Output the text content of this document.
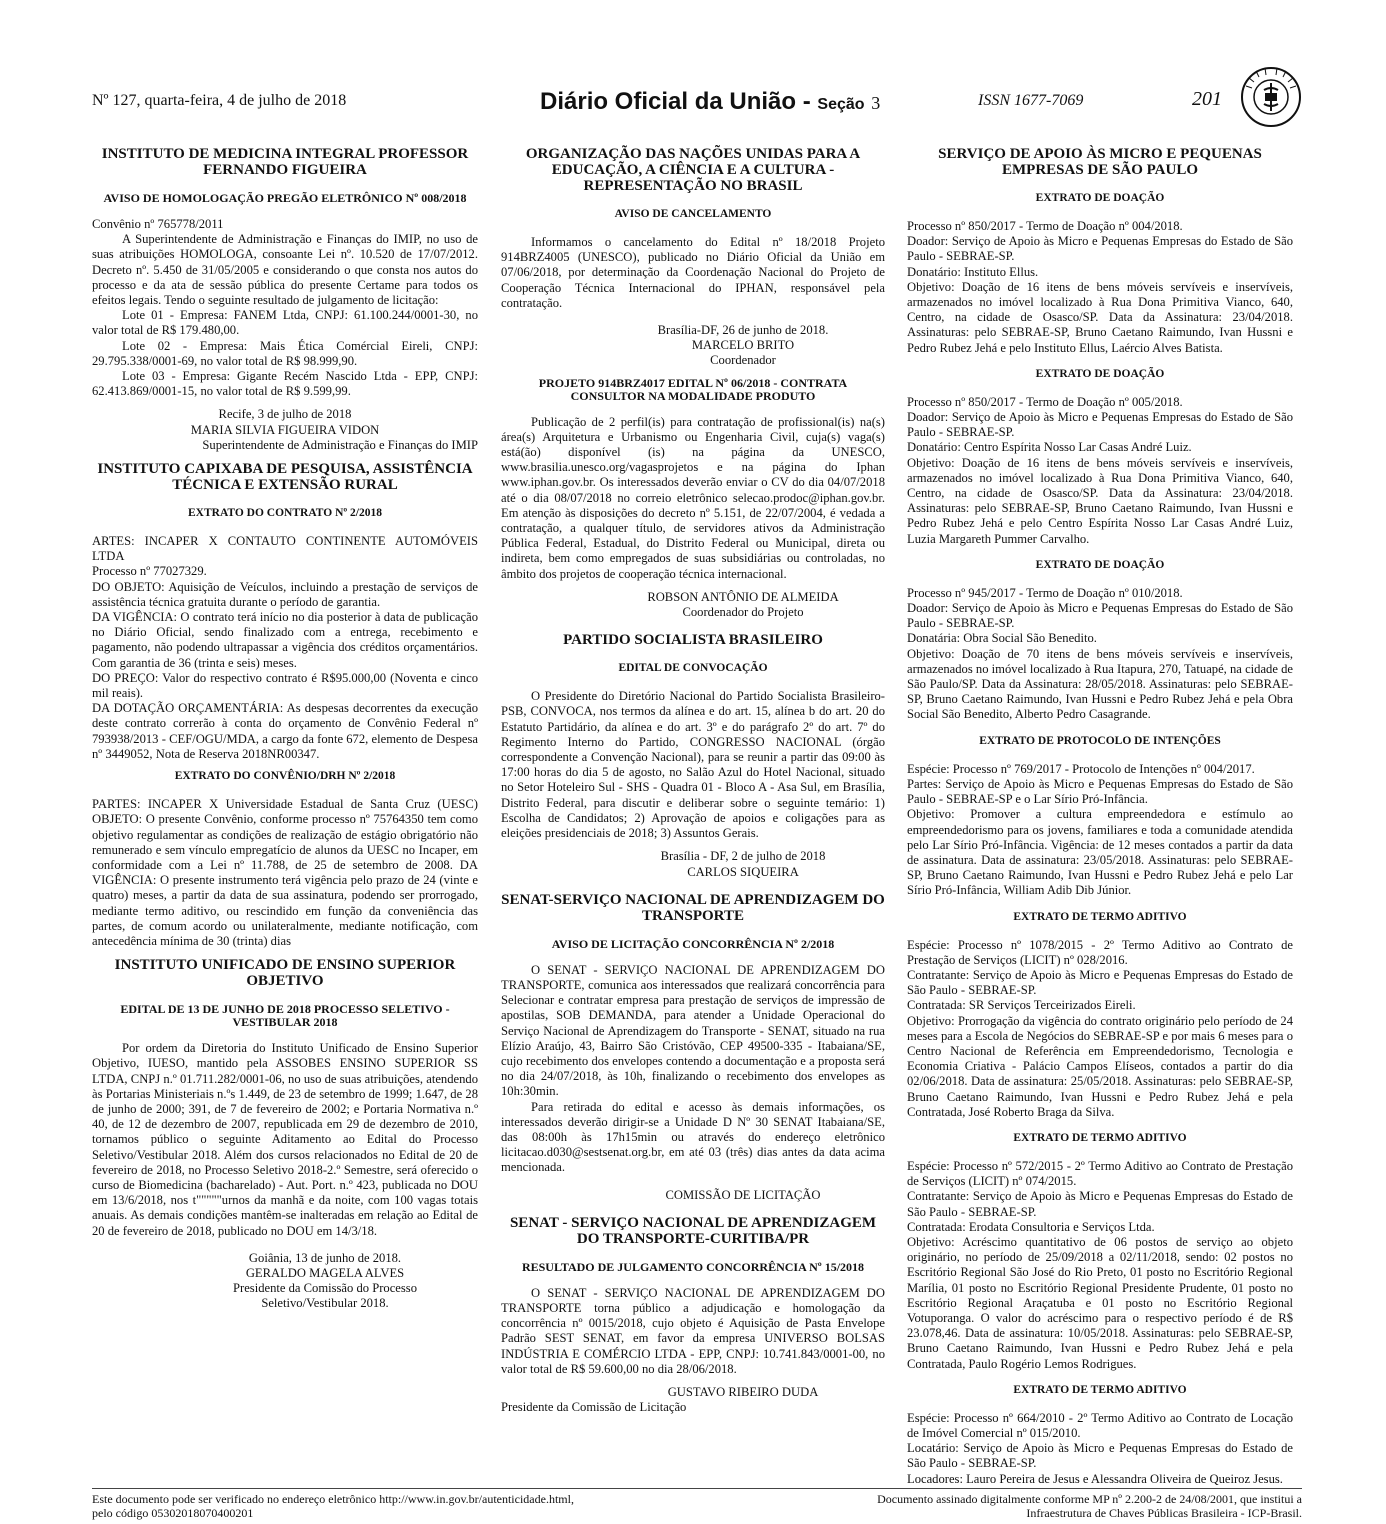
Nº 127, quarta-feira, 4 de julho de 2018	Diário Oficial da União - Seção 3	ISSN 1677-7069	201
INSTITUTO DE MEDICINA INTEGRAL PROFESSOR FERNANDO FIGUEIRA
AVISO DE HOMOLOGAÇÃO PREGÃO ELETRÔNICO Nº 008/2018

Convênio nº 765778/2011

A Superintendente de Administração e Finanças do IMIP, no uso de suas atribuições HOMOLOGA, consoante Lei nº. 10.520 de 17/07/2012. Decreto nº. 5.450 de 31/05/2005 e considerando o que consta nos autos do processo e da ata de sessão pública do presente Certame para todos os efeitos legais. Tendo o seguinte resultado de julgamento de licitação:

Lote 01 - Empresa: FANEM Ltda, CNPJ: 61.100.244/0001-30, no valor total de R$ 179.480,00.

Lote 02 - Empresa: Mais Ética Comércial Eireli, CNPJ: 29.795.338/0001-69, no valor total de R$ 98.999,90.

Lote 03 - Empresa: Gigante Recém Nascido Ltda - EPP, CNPJ: 62.413.869/0001-15, no valor total de R$ 9.599,99.

Recife, 3 de julho de 2018

MARIA SILVIA FIGUEIRA VIDON

Superintendente de Administração e Finanças do IMIP

INSTITUTO CAPIXABA DE PESQUISA, ASSISTÊNCIA TÉCNICA E EXTENSÃO RURAL
EXTRATO DO CONTRATO Nº 2/2018

ARTES: INCAPER X CONTAUTO CONTINENTE AUTOMÓVEIS LTDA

Processo nº 77027329.

DO OBJETO: Aquisição de Veículos, incluindo a prestação de serviços de assistência técnica gratuita durante o período de garantia.

DA VIGÊNCIA: O contrato terá início no dia posterior à data de publicação no Diário Oficial, sendo finalizado com a entrega, recebimento e pagamento, não podendo ultrapassar a vigência dos créditos orçamentários. Com garantia de 36 (trinta e seis) meses.

DO PREÇO: Valor do respectivo contrato é R$95.000,00 (Noventa e cinco mil reais).

DA DOTAÇÃO ORÇAMENTÁRIA: As despesas decorrentes da execução deste contrato correrão à conta do orçamento de Convênio Federal nº 793938/2013 - CEF/OGU/MDA, a cargo da fonte 672, elemento de Despesa nº 3449052, Nota de Reserva 2018NR00347.

EXTRATO DO CONVÊNIO/DRH Nº 2/2018

PARTES: INCAPER X Universidade Estadual de Santa Cruz (UESC) OBJETO: O presente Convênio, conforme processo nº 75764350 tem como objetivo regulamentar as condições de realização de estágio obrigatório não remunerado e sem vínculo empregatício de alunos da UESC no Incaper, em conformidade com a Lei nº 11.788, de 25 de setembro de 2008. DA VIGÊNCIA: O presente instrumento terá vigência pelo prazo de 24 (vinte e quatro) meses, a partir da data de sua assinatura, podendo ser prorrogado, mediante termo aditivo, ou rescindido em função da conveniência das partes, de comum acordo ou unilateralmente, mediante notificação, com antecedência mínima de 30 (trinta) dias

INSTITUTO UNIFICADO DE ENSINO SUPERIOR OBJETIVO
EDITAL DE 13 DE JUNHO DE 2018 PROCESSO SELETIVO - VESTIBULAR 2018

Por ordem da Diretoria do Instituto Unificado de Ensino Superior Objetivo, IUESO, mantido pela ASSOBES ENSINO SUPERIOR SS LTDA, CNPJ n.º 01.711.282/0001-06, no uso de suas atribuições, atendendo às Portarias Ministeriais n.ºs 1.449, de 23 de setembro de 1999; 1.647, de 28 de junho de 2000; 391, de 7 de fevereiro de 2002; e Portaria Normativa n.º 40, de 12 de dezembro de 2007, republicada em 29 de dezembro de 2010, tornamos público o seguinte Aditamento ao Edital do Processo Seletivo/Vestibular 2018. Além dos cursos relacionados no Edital de 20 de fevereiro de 2018, no Processo Seletivo 2018-2.º Semestre, será oferecido o curso de Biomedicina (bacharelado) - Aut. Port. n.º 423, publicada no DOU em 13/6/2018, nos t"""""urnos da manhã e da noite, com 100 vagas totais anuais. As demais condições mantêm-se inalteradas em relação ao Edital de 20 de fevereiro de 2018, publicado no DOU em 14/3/18.

Goiânia, 13 de junho de 2018.

GERALDO MAGELA ALVES

Presidente da Comissão do Processo

Seletivo/Vestibular 2018.

ORGANIZAÇÃO DAS NAÇÕES UNIDAS PARA A EDUCAÇÃO, A CIÊNCIA E A CULTURA - REPRESENTAÇÃO NO BRASIL
AVISO DE CANCELAMENTO

Informamos o cancelamento do Edital nº 18/2018 Projeto 914BRZ4005 (UNESCO), publicado no Diário Oficial da União em 07/06/2018, por determinação da Coordenação Nacional do Projeto de Cooperação Técnica Internacional do IPHAN, responsável pela contratação.

Brasília-DF, 26 de junho de 2018.

MARCELO BRITO

Coordenador

PROJETO 914BRZ4017 EDITAL Nº 06/2018 - CONTRATA CONSULTOR NA MODALIDADE PRODUTO

Publicação de 2 perfil(is) para contratação de profissional(is) na(s) área(s) Arquitetura e Urbanismo ou Engenharia Civil, cuja(s) vaga(s) está(ão) disponível (is) na página da UNESCO, www.brasilia.unesco.org/vagasprojetos e na página do Iphan www.iphan.gov.br. Os interessados deverão enviar o CV do dia 04/07/2018 até o dia 08/07/2018 no correio eletrônico selecao.prodoc@iphan.gov.br. Em atenção às disposições do decreto nº 5.151, de 22/07/2004, é vedada a contratação, a qualquer título, de servidores ativos da Administração Pública Federal, Estadual, do Distrito Federal ou Municipal, direta ou indireta, bem como empregados de suas subsidiárias ou controladas, no âmbito dos projetos de cooperação técnica internacional.

ROBSON ANTÔNIO DE ALMEIDA

Coordenador do Projeto

PARTIDO SOCIALISTA BRASILEIRO
EDITAL DE CONVOCAÇÃO

O Presidente do Diretório Nacional do Partido Socialista Brasileiro-PSB, CONVOCA, nos termos da alínea e do art. 15, alínea b do art. 20 do Estatuto Partidário, da alínea e do art. 3º e do parágrafo 2º do art. 7º do Regimento Interno do Partido, CONGRESSO NACIONAL (órgão correspondente a Convenção Nacional), para se reunir a partir das 09:00 às 17:00 horas do dia 5 de agosto, no Salão Azul do Hotel Nacional, situado no Setor Hoteleiro Sul - SHS - Quadra 01 - Bloco A - Asa Sul, em Brasília, Distrito Federal, para discutir e deliberar sobre o seguinte temário: 1) Escolha de Candidatos; 2) Aprovação de apoios e coligações para as eleições presidenciais de 2018; 3) Assuntos Gerais.

Brasília - DF, 2 de julho de 2018

CARLOS SIQUEIRA

SENAT-SERVIÇO NACIONAL DE APRENDIZAGEM DO TRANSPORTE
AVISO DE LICITAÇÃO CONCORRÊNCIA Nº 2/2018

O SENAT - SERVIÇO NACIONAL DE APRENDIZAGEM DO TRANSPORTE, comunica aos interessados que realizará concorrência para Selecionar e contratar empresa para prestação de serviços de impressão de apostilas, SOB DEMANDA, para atender a Unidade Operacional do Serviço Nacional de Aprendizagem do Transporte - SENAT, situado na rua Elízio Araújo, 43, Bairro São Cristóvão, CEP 49500-335 - Itabaiana/SE, cujo recebimento dos envelopes contendo a documentação e a proposta será no dia 24/07/2018, às 10h, finalizando o recebimento dos envelopes as 10h:30min.

Para retirada do edital e acesso às demais informações, os interessados deverão dirigir-se a Unidade D Nº 30 SENAT Itabaiana/SE, das 08:00h às 17h15min ou através do endereço eletrônico licitacao.d030@sestsenat.org.br, em até 03 (três) dias antes da data acima mencionada.

COMISSÃO DE LICITAÇÃO

SENAT - SERVIÇO NACIONAL DE APRENDIZAGEM DO TRANSPORTE-CURITIBA/PR
RESULTADO DE JULGAMENTO CONCORRÊNCIA Nº 15/2018

O SENAT - SERVIÇO NACIONAL DE APRENDIZAGEM DO TRANSPORTE torna público a adjudicação e homologação da concorrência nº 0015/2018, cujo objeto é Aquisição de Pasta Envelope Padrão SEST SENAT, em favor da empresa UNIVERSO BOLSAS INDÚSTRIA E COMÉRCIO LTDA - EPP, CNPJ: 10.741.843/0001-00, no valor total de R$ 59.600,00 no dia 28/06/2018.

GUSTAVO RIBEIRO DUDA

Presidente da Comissão de Licitação

SERVIÇO DE APOIO ÀS MICRO E PEQUENAS EMPRESAS DE SÃO PAULO
EXTRATO DE DOAÇÃO

Processo nº 850/2017 - Termo de Doação nº 004/2018.

Doador: Serviço de Apoio às Micro e Pequenas Empresas do Estado de São Paulo - SEBRAE-SP.

Donatário: Instituto Ellus.

Objetivo: Doação de 16 itens de bens móveis servíveis e inservíveis, armazenados no imóvel localizado à Rua Dona Primitiva Vianco, 640, Centro, na cidade de Osasco/SP. Data da Assinatura: 23/04/2018. Assinaturas: pelo SEBRAE-SP, Bruno Caetano Raimundo, Ivan Hussni e Pedro Rubez Jehá e pelo Instituto Ellus, Laércio Alves Batista.

EXTRATO DE DOAÇÃO

Processo nº 850/2017 - Termo de Doação nº 005/2018.

Doador: Serviço de Apoio às Micro e Pequenas Empresas do Estado de São Paulo - SEBRAE-SP.

Donatário: Centro Espírita Nosso Lar Casas André Luiz.

Objetivo: Doação de 16 itens de bens móveis servíveis e inservíveis, armazenados no imóvel localizado à Rua Dona Primitiva Vianco, 640, Centro, na cidade de Osasco/SP. Data da Assinatura: 23/04/2018. Assinaturas: pelo SEBRAE-SP, Bruno Caetano Raimundo, Ivan Hussni e Pedro Rubez Jehá e pelo Centro Espírita Nosso Lar Casas André Luiz, Luzia Margareth Pummer Carvalho.

EXTRATO DE DOAÇÃO

Processo nº 945/2017 - Termo de Doação nº 010/2018.

Doador: Serviço de Apoio às Micro e Pequenas Empresas do Estado de São Paulo - SEBRAE-SP.

Donatária: Obra Social São Benedito.

Objetivo: Doação de 70 itens de bens móveis servíveis e inservíveis, armazenados no imóvel localizado à Rua Itapura, 270, Tatuapé, na cidade de São Paulo/SP. Data da Assinatura: 28/05/2018. Assinaturas: pelo SEBRAE-SP, Bruno Caetano Raimundo, Ivan Hussni e Pedro Rubez Jehá e pela Obra Social São Benedito, Alberto Pedro Casagrande.

EXTRATO DE PROTOCOLO DE INTENÇÕES

Espécie: Processo nº 769/2017 - Protocolo de Intenções nº 004/2017.

Partes: Serviço de Apoio às Micro e Pequenas Empresas do Estado de São Paulo - SEBRAE-SP e o Lar Sírio Pró-Infância.

Objetivo: Promover a cultura empreendedora e estímulo ao empreendedorismo para os jovens, familiares e toda a comunidade atendida pelo Lar Sírio Pró-Infância. Vigência: de 12 meses contados a partir da data de assinatura. Data de assinatura: 23/05/2018. Assinaturas: pelo SEBRAE-SP, Bruno Caetano Raimundo, Ivan Hussni e Pedro Rubez Jehá e pelo Lar Sírio Pró-Infância, William Adib Dib Júnior.

EXTRATO DE TERMO ADITIVO

Espécie: Processo nº 1078/2015 - 2º Termo Aditivo ao Contrato de Prestação de Serviços (LICIT) nº 028/2016.

Contratante: Serviço de Apoio às Micro e Pequenas Empresas do Estado de São Paulo - SEBRAE-SP.

Contratada: SR Serviços Terceirizados Eireli.

Objetivo: Prorrogação da vigência do contrato originário pelo período de 24 meses para a Escola de Negócios do SEBRAE-SP e por mais 6 meses para o Centro Nacional de Referência em Empreendedorismo, Tecnologia e Economia Criativa - Palácio Campos Elíseos, contados a partir do dia 02/06/2018. Data de assinatura: 25/05/2018. Assinaturas: pelo SEBRAE-SP, Bruno Caetano Raimundo, Ivan Hussni e Pedro Rubez Jehá e pela Contratada, José Roberto Braga da Silva.

EXTRATO DE TERMO ADITIVO

Espécie: Processo nº 572/2015 - 2º Termo Aditivo ao Contrato de Prestação de Serviços (LICIT) nº 074/2015.

Contratante: Serviço de Apoio às Micro e Pequenas Empresas do Estado de São Paulo - SEBRAE-SP.

Contratada: Erodata Consultoria e Serviços Ltda.

Objetivo: Acréscimo quantitativo de 06 postos de serviço ao objeto originário, no período de 25/09/2018 a 02/11/2018, sendo: 02 postos no Escritório Regional São José do Rio Preto, 01 posto no Escritório Regional Marília, 01 posto no Escritório Regional Presidente Prudente, 01 posto no Escritório Regional Araçatuba e 01 posto no Escritório Regional Votuporanga. O valor do acréscimo para o respectivo período é de R$ 23.078,46. Data de assinatura: 10/05/2018. Assinaturas: pelo SEBRAE-SP, Bruno Caetano Raimundo, Ivan Hussni e Pedro Rubez Jehá e pela Contratada, Paulo Rogério Lemos Rodrigues.

EXTRATO DE TERMO ADITIVO

Espécie: Processo nº 664/2010 - 2º Termo Aditivo ao Contrato de Locação de Imóvel Comercial nº 015/2010.

Locatário: Serviço de Apoio às Micro e Pequenas Empresas do Estado de São Paulo - SEBRAE-SP.

Locadores: Lauro Pereira de Jesus e Alessandra Oliveira de Queiroz Jesus.

Este documento pode ser verificado no endereço eletrônico http://www.in.gov.br/autenticidade.html,
pelo código 05302018070400201
Documento assinado digitalmente conforme MP nº 2.200-2 de 24/08/2001, que institui a
Infraestrutura de Chaves Públicas Brasileira - ICP-Brasil.
